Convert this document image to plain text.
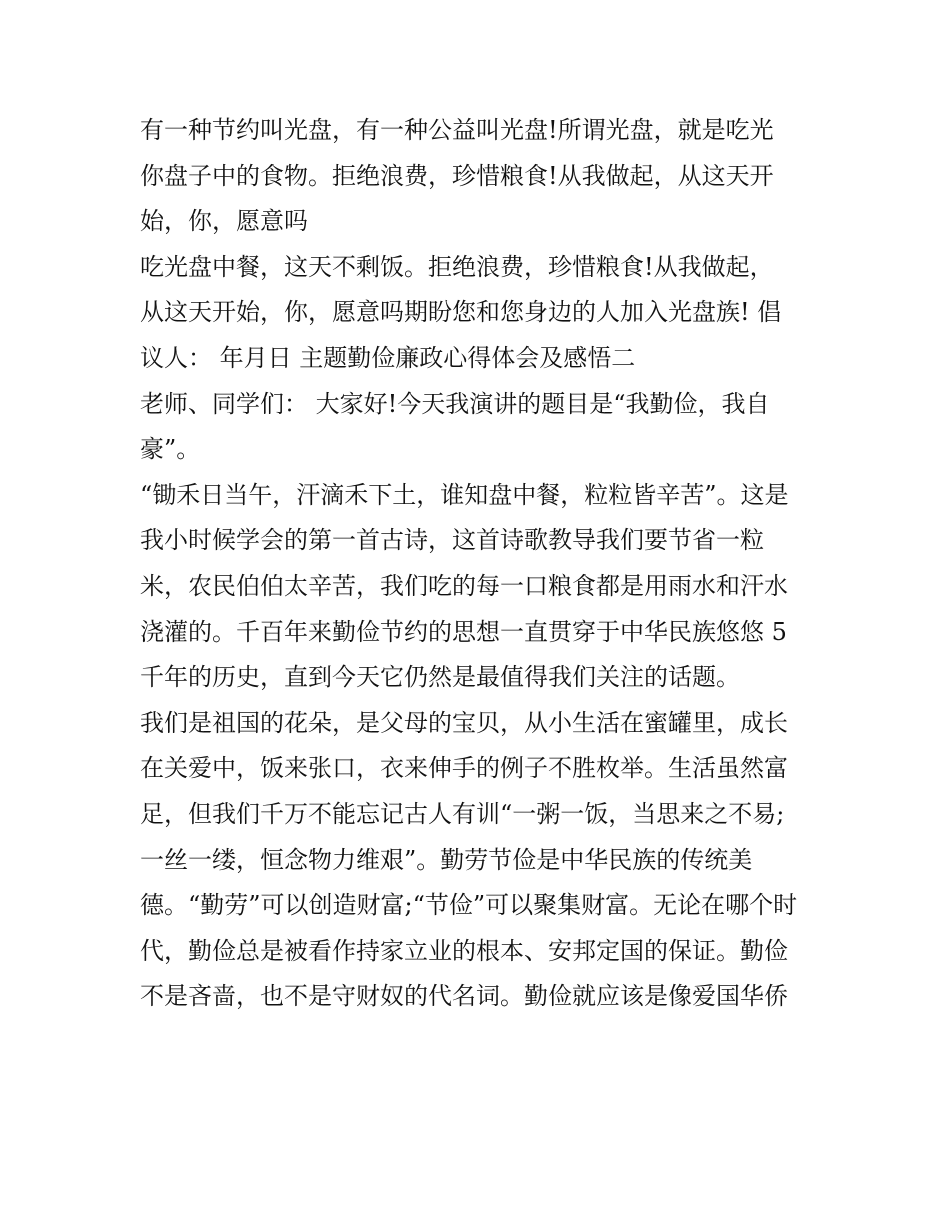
有一种节约叫光盘，有一种公益叫光盘!所谓光盘，就是吃光
你盘子中的食物。拒绝浪费，珍惜粮食!从我做起，从这天开
始，你，愿意吗
吃光盘中餐，这天不剩饭。拒绝浪费，珍惜粮食!从我做起，
从这天开始，你，愿意吗期盼您和您身边的人加入光盘族! 倡
议人： 年月日 主题勤俭廉政心得体会及感悟二
老师、同学们： 大家好!今天我演讲的题目是“我勤俭，我自
豪”。
“锄禾日当午，汗滴禾下土，谁知盘中餐，粒粒皆辛苦”。这是
我小时候学会的第一首古诗，这首诗歌教导我们要节省一粒
米，农民伯伯太辛苦，我们吃的每一口粮食都是用雨水和汗水
浇灌的。千百年来勤俭节约的思想一直贯穿于中华民族悠悠 5
千年的历史，直到今天它仍然是最值得我们关注的话题。
我们是祖国的花朵，是父母的宝贝，从小生活在蜜罐里，成长
在关爱中，饭来张口，衣来伸手的例子不胜枚举。生活虽然富
足，但我们千万不能忘记古人有训“一粥一饭，当思来之不易;
一丝一缕，恒念物力维艰”。勤劳节俭是中华民族的传统美
德。“勤劳”可以创造财富;“节俭”可以聚集财富。无论在哪个时
代，勤俭总是被看作持家立业的根本、安邦定国的保证。勤俭
不是吝啬，也不是守财奴的代名词。勤俭就应该是像爱国华侨
